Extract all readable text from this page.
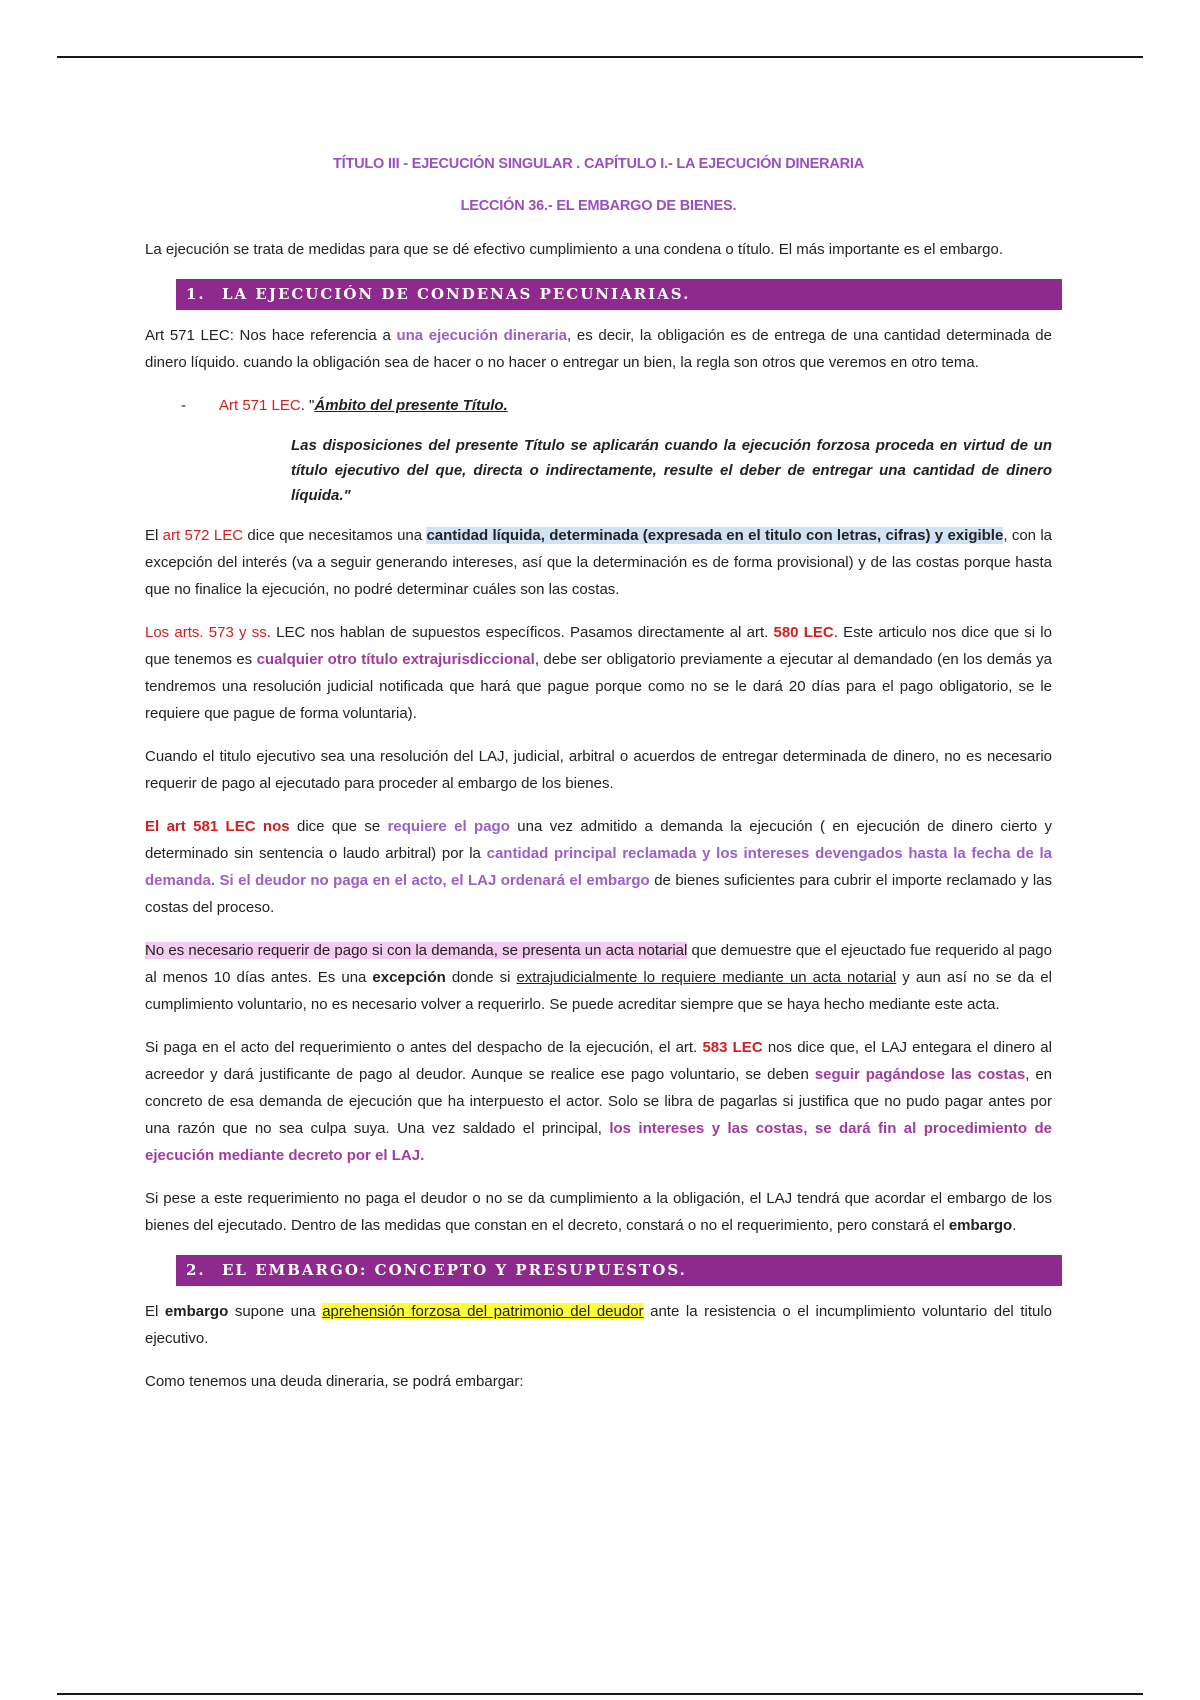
TÍTULO III - EJECUCIÓN SINGULAR . CAPÍTULO I.- LA EJECUCIÓN DINERARIA

LECCIÓN 36.- EL EMBARGO DE BIENES.

La ejecución se trata de medidas para que se dé efectivo cumplimiento a una condena o título. El más importante es el embargo.

1. LA EJECUCIÓN DE CONDENAS PECUNIARIAS.

Art 571 LEC: Nos hace referencia a una ejecución dineraria, es decir, la obligación es de entrega de una cantidad determinada de dinero líquido. cuando la obligación sea de hacer o no hacer o entregar un bien, la regla son otros que veremos en otro tema.

- Art 571 LEC. "Ámbito del presente Título.

Las disposiciones del presente Título se aplicarán cuando la ejecución forzosa proceda en virtud de un título ejecutivo del que, directa o indirectamente, resulte el deber de entregar una cantidad de dinero líquida."

El art 572 LEC dice que necesitamos una cantidad líquida, determinada (expresada en el titulo con letras, cifras) y exigible, con la excepción del interés (va a seguir generando intereses, así que la determinación es de forma provisional) y de las costas porque hasta que no finalice la ejecución, no podré determinar cuáles son las costas.

Los arts. 573 y ss. LEC nos hablan de supuestos específicos. Pasamos directamente al art. 580 LEC. Este articulo nos dice que si lo que tenemos es cualquier otro título extrajurisdiccional, debe ser obligatorio previamente a ejecutar al demandado (en los demás ya tendremos una resolución judicial notificada que hará que pague porque como no se le dará 20 días para el pago obligatorio, se le requiere que pague de forma voluntaria).

Cuando el titulo ejecutivo sea una resolución del LAJ, judicial, arbitral o acuerdos de entregar determinada de dinero, no es necesario requerir de pago al ejecutado para proceder al embargo de los bienes.

El art 581 LEC nos dice que se requiere el pago una vez admitido a demanda la ejecución ( en ejecución de dinero cierto y determinado sin sentencia o laudo arbitral) por la cantidad principal reclamada y los intereses devengados hasta la fecha de la demanda. Si el deudor no paga en el acto, el LAJ ordenará el embargo de bienes suficientes para cubrir el importe reclamado y las costas del proceso.

No es necesario requerir de pago si con la demanda, se presenta un acta notarial que demuestre que el ejeuctado fue requerido al pago al menos 10 días antes. Es una excepción donde si extrajudicialmente lo requiere mediante un acta notarial y aun así no se da el cumplimiento voluntario, no es necesario volver a requerirlo. Se puede acreditar siempre que se haya hecho mediante este acta.

Si paga en el acto del requerimiento o antes del despacho de la ejecución, el art. 583 LEC nos dice que, el LAJ entegara el dinero al acreedor y dará justificante de pago al deudor. Aunque se realice ese pago voluntario, se deben seguir pagándose las costas, en concreto de esa demanda de ejecución que ha interpuesto el actor. Solo se libra de pagarlas si justifica que no pudo pagar antes por una razón que no sea culpa suya. Una vez saldado el principal, los intereses y las costas, se dará fin al procedimiento de ejecución mediante decreto por el LAJ.

Si pese a este requerimiento no paga el deudor o no se da cumplimiento a la obligación, el LAJ tendrá que acordar el embargo de los bienes del ejecutado. Dentro de las medidas que constan en el decreto, constará o no el requerimiento, pero constará el embargo.

2. EL EMBARGO: CONCEPTO Y PRESUPUESTOS.

El embargo supone una aprehensión forzosa del patrimonio del deudor ante la resistencia o el incumplimiento voluntario del titulo ejecutivo.

Como tenemos una deuda dineraria, se podrá embargar:
